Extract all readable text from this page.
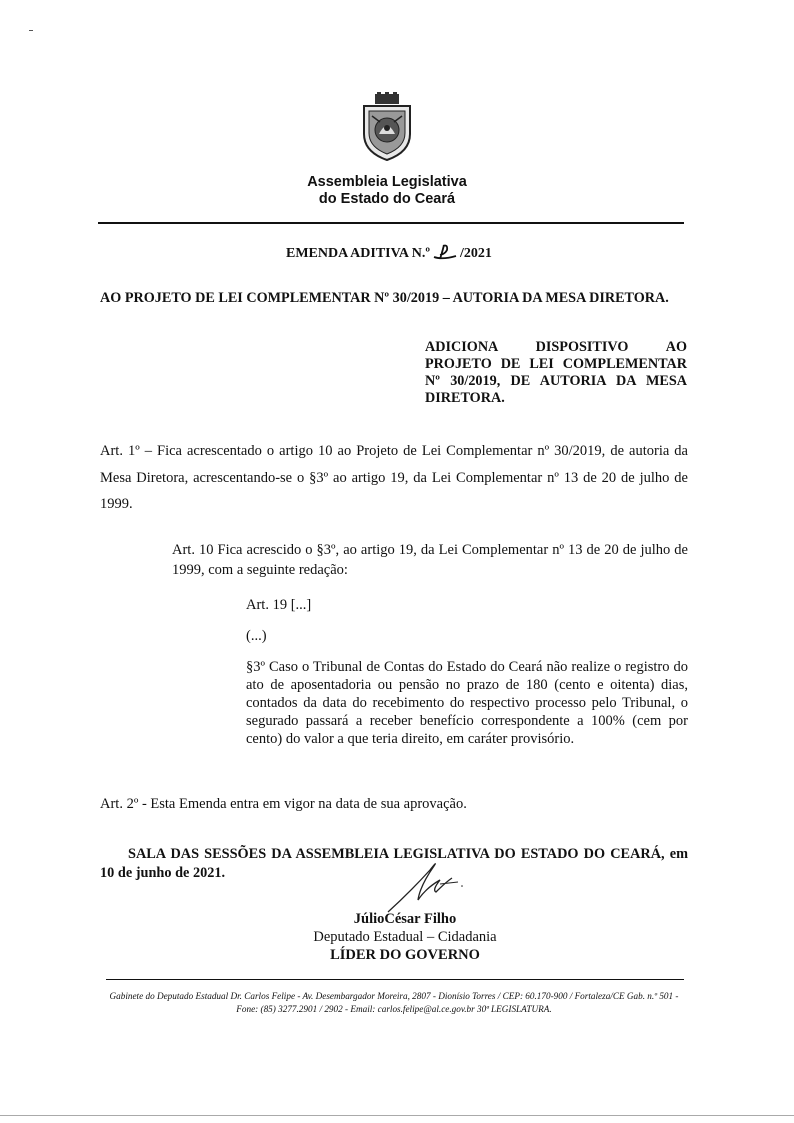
Assembleia Legislativa
do Estado do Ceará
EMENDA ADITIVA N.º /2021
AO PROJETO DE LEI COMPLEMENTAR Nº 30/2019 – AUTORIA DA MESA DIRETORA.
ADICIONA DISPOSITIVO AO PROJETO DE LEI COMPLEMENTAR Nº 30/2019, DE AUTORIA DA MESA DIRETORA.
Art. 1º – Fica acrescentado o artigo 10 ao Projeto de Lei Complementar nº 30/2019, de autoria da Mesa Diretora, acrescentando-se o §3º ao artigo 19, da Lei Complementar nº 13 de 20 de julho de 1999.
Art. 10 Fica acrescido o §3º, ao artigo 19, da Lei Complementar nº 13 de 20 de julho de 1999, com a seguinte redação:
Art. 19 [...]
(...)
§3º Caso o Tribunal de Contas do Estado do Ceará não realize o registro do ato de aposentadoria ou pensão no prazo de 180 (cento e oitenta) dias, contados da data do recebimento do respectivo processo pelo Tribunal, o segurado passará a receber benefício correspondente a 100% (cem por cento) do valor a que teria direito, em caráter provisório.
Art. 2º - Esta Emenda entra em vigor na data de sua aprovação.
SALA DAS SESSÕES DA ASSEMBLEIA LEGISLATIVA DO ESTADO DO CEARÁ, em 10 de junho de 2021.
JúlioCésar Filho
Deputado Estadual – Cidadania
LÍDER DO GOVERNO
Gabinete do Deputado Estadual Dr. Carlos Felipe - Av. Desembargador Moreira, 2807 - Dionísio Torres / CEP: 60.170-900 / Fortaleza/CE Gab. n.º 501 - Fone: (85) 3277.2901 / 2902 - Email: carlos.felipe@al.ce.gov.br 30ª LEGISLATURA.
